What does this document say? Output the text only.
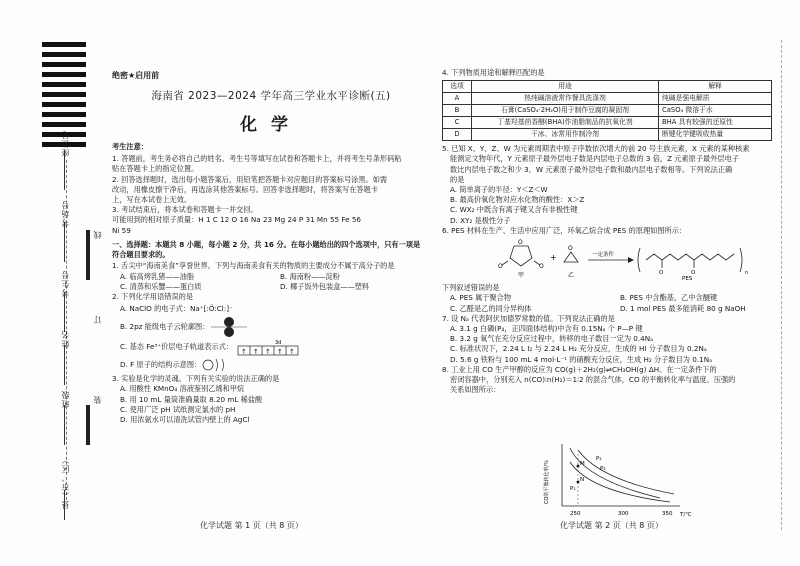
座位号
考场号
考生号
姓名
班级
县（市、区）
线
订
装
绝密★启用前
海南省 2023—2024 学年高三学业水平诊断(五)
化学
考生注意：
1. 答题前，考生务必将自己的姓名、考生号等填写在试卷和答题卡上，并将考生号条形码粘
贴在答题卡上的指定位置。
2. 回答选择题时，选出每小题答案后，用铅笔把答题卡对应题目的答案标号涂黑。如需
改动，用橡皮擦干净后，再选涂其他答案标号。回答非选择题时，将答案写在答题卡
上，写在本试卷上无效。
3. 考试结束后，将本试卷和答题卡一并交回。
可能用到的相对原子质量：H 1 C 12 O 16 Na 23 Mg 24 P 31 Mn 55 Fe 56
Ni 59
一、选择题：本题共 8 小题，每小题 2 分，共 16 分。在每小题给出的四个选项中，只有一项是
符合题目要求的。
1. 舌尖中“海南美食”享誉世界。下列与海南美食有关的物质的主要成分不属于高分子的是
A. 临高烤乳猪——油脂	B. 海南粉——淀粉
C. 清蒸和乐蟹——蛋白质	D. 椰子饭外包装盒——塑料
2. 下列化学用语错误的是
A. NaClO 的电子式：Na⁺[:Ö:Cl:]⁻
B. 2pz 能级电子云轮廓图：
C. 基态 Fe³⁺价层电子轨道表示式：	3d
↑ ↑ ↑ ↑ ↑
D. F 原子的结构示意图：
3. 实验是化学的灵魂。下列有关实验的说法正确的是
A. 用酸性 KMnO₄ 溶液鉴别乙烯和甲烷
B. 用 10 mL 量筒准确量取 8.20 mL 稀盐酸
C. 使用广泛 pH 试纸测定氯水的 pH
D. 用浓氨水可以清洗试管内壁上的 AgCl
化学试题 第 1 页（共 8 页）
4. 下列物质用途和解释匹配的是
选项	用途	解释
A	热纯碱溶液常作餐具洗涤剂	纯碱是强电解质
B	石膏(CaSO₄·2H₂O)用于制作豆腐的凝固剂	CaSO₄ 微溶于水
C	丁基羟基茴香醚(BHA)作油脂制品的抗氧化剂	BHA 具有较强的还原性
D	干冰、冰常用作制冷剂	断键化学键吸收热量
5. 已知 X、Y、Z、W 为元素周期表中原子序数依次增大的前 20 号主族元素，X 元素的某种核素
能测定文物年代，Y 元素原子最外层电子数是内层电子总数的 3 倍，Z 元素原子最外层电子
数比内层电子数之和少 3，W 元素原子最外层电子数和最内层电子数相等。下列说法正确
的是
A. 简单离子的半径：Y＜Z＜W
B. 最高价氧化物对应水化物的酸性：X＞Z
C. WX₂ 中既含有离子键又含有非极性键
D. XY₂ 是极性分子
6. PES 材料在生产、生活中应用广泛，环氧乙烷合成 PES 的原理如图所示：
O	O
O
甲
+
O
乙
一定条件
O	O	n
PES
下列叙述错误的是
A. PES 属于聚合物	B. PES 中含酯基，乙中含醚键
C. 乙醛是乙的同分异构体	D. 1 mol PES 最多能消耗 80 g NaOH
7. 设 Nₐ 代表阿伏加德罗常数的值。下列说法正确的是
A. 3.1 g 白磷(P₄，正四面体结构)中含有 0.15Nₐ 个 P—P 键
B. 3.2 g 氧气在充分反应过程中，转移的电子数目一定为 0.4Nₐ
C. 标准状况下，2.24 L I₂ 与 2.24 L H₂ 充分反应，生成的 HI 分子数目为 0.2Nₐ
D. 5.6 g 铁粉与 100 mL 4 mol·L⁻¹ 的硝酸充分反应，生成 H₂ 分子数目为 0.1Nₐ
8. 工业上用 CO 生产甲醇的反应为 CO(g)＋2H₂(g)⇌CH₃OH(g) ΔH。在一定条件下的
密闭容器中，分别充入 n(CO)∶n(H₂)＝1∶2 的混合气体，CO 的平衡转化率与温度、压强的
关系如图所示：
CO的平衡转化率/%
T/℃
250	300	350
M
N
P₁
P₃
P₂
化学试题 第 2 页（共 8 页）
